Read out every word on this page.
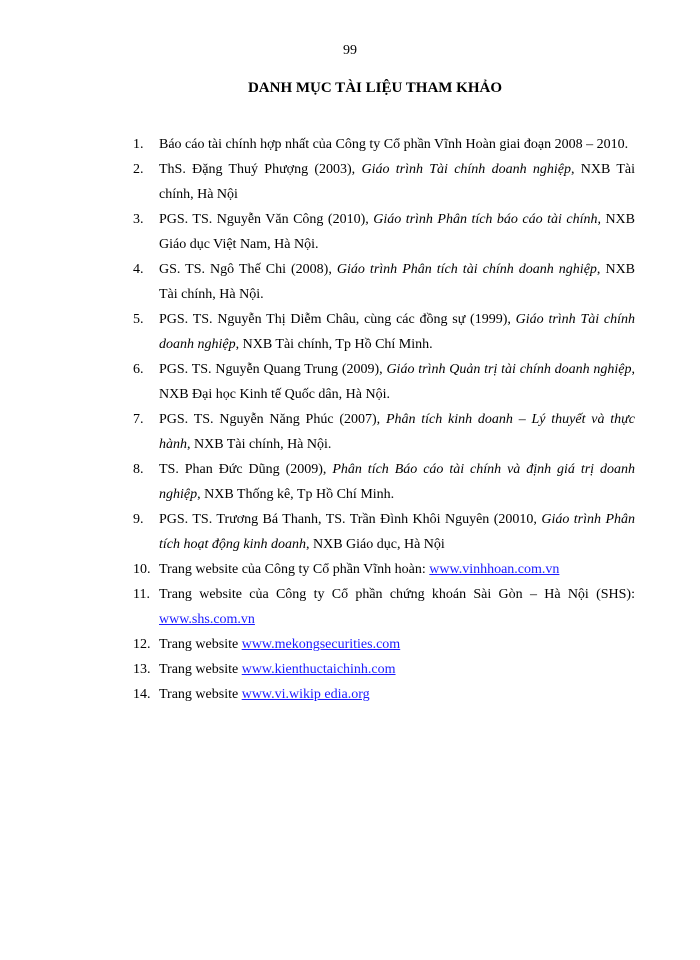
99
DANH MỤC TÀI LIỆU THAM KHẢO
1. Báo cáo tài chính hợp nhất của Công ty Cổ phần Vĩnh Hoàn giai đoạn 2008 – 2010.
2. ThS. Đặng Thuý Phượng (2003), Giáo trình Tài chính doanh nghiệp, NXB Tài chính, Hà Nội
3. PGS. TS. Nguyễn Văn Công (2010), Giáo trình Phân tích báo cáo tài chính, NXB Giáo dục Việt Nam, Hà Nội.
4. GS. TS. Ngô Thế Chi (2008), Giáo trình Phân tích tài chính doanh nghiệp, NXB Tài chính, Hà Nội.
5. PGS. TS. Nguyễn Thị Diễm Châu, cùng các đồng sự (1999), Giáo trình Tài chính doanh nghiệp, NXB Tài chính, Tp Hồ Chí Minh.
6. PGS. TS. Nguyễn Quang Trung (2009), Giáo trình Quản trị tài chính doanh nghiệp, NXB Đại học Kinh tế Quốc dân, Hà Nội.
7. PGS. TS. Nguyễn Năng Phúc (2007), Phân tích kinh doanh – Lý thuyết và thực hành, NXB Tài chính, Hà Nội.
8. TS. Phan Đức Dũng (2009), Phân tích Báo cáo tài chính và định giá trị doanh nghiệp, NXB Thống kê, Tp Hồ Chí Minh.
9. PGS. TS. Trương Bá Thanh, TS. Trần Đình Khôi Nguyên (20010, Giáo trình Phân tích hoạt động kinh doanh, NXB Giáo dục, Hà Nội
10. Trang website của Công ty Cổ phần Vĩnh hoàn: www.vinhhoan.com.vn
11. Trang website của Công ty Cổ phần chứng khoán Sài Gòn – Hà Nội (SHS): www.shs.com.vn
12. Trang website www.mekongsecurities.com
13. Trang website www.kienthuctaichinh.com
14. Trang website www.vi.wikip edia.org
